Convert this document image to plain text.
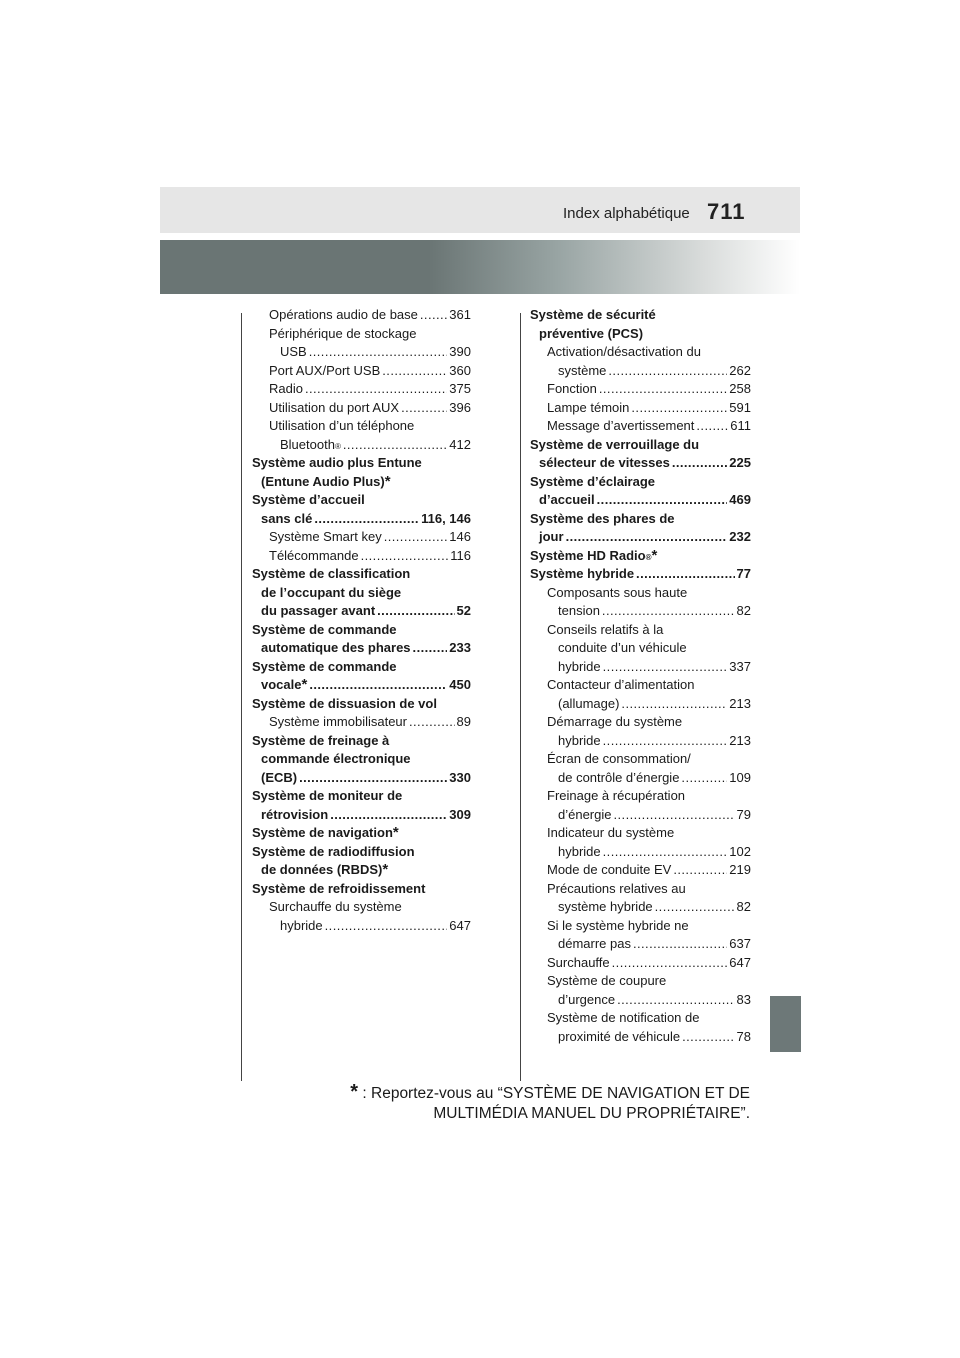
Index alphabétique 711
Opérations audio de base . . . 361
Périphérique de stockage
USB . . .	390
Port AUX/Port USB . . .	360
Radio . . .	375
Utilisation du port AUX . . .	396
Utilisation d’un téléphone
Bluetooth ® . . .	412
Système audio plus Entune
(Entune Audio Plus) *
Système d’accueil
sans clé . . .	116, 146
Système Smart key . . .	146
Télécommande . . .	116
Système de classification
de l’occupant du siège
du passager avant . . .	52
Système de commande
automatique des phares . . .	233
Système de commande
vocale * . . .	450
Système de dissuasion de vol
Système immobilisateur . . .	89
Système de freinage à
commande électronique
(ECB) . . .	330
Système de moniteur de
rétrovision . . .	309
Système de navigation *
Système de radiodiffusion
de données (RBDS) *
Système de refroidissement
Surchauffe du système
hybride . . .	647
Système de sécurité
préventive (PCS)
Activation/désactivation du
système . . .	262
Fonction . . .	258
Lampe témoin . . .	591
Message d’avertissement . . .	611
Système de verrouillage du
sélecteur de vitesses . . .	225
Système d’éclairage
d’accueil . . .	469
Système des phares de
jour . . .	232
Système HD Radio ® *
Système hybride . . .	77
Composants sous haute
tension . . .	82
Conseils relatifs à la
conduite d’un véhicule
hybride . . .	337
Contacteur d’alimentation
(allumage) . . .	213
Démarrage du système
hybride . . .	213
Écran de consommation/
de contrôle d’énergie . . .	109
Freinage à récupération
d’énergie . . .	79
Indicateur du système
hybride . . .	102
Mode de conduite EV . . .	219
Précautions relatives au
système hybride . . .	82
Si le système hybride ne
démarre pas . . .	637
Surchauffe . . .	647
Système de coupure
d’urgence . . .	83
Système de notification de
proximité de véhicule . . .	78
* : Reportez-vous au “SYSTÈME DE NAVIGATION ET DE
MULTIMÉDIA MANUEL DU PROPRIÉTAIRE”.
